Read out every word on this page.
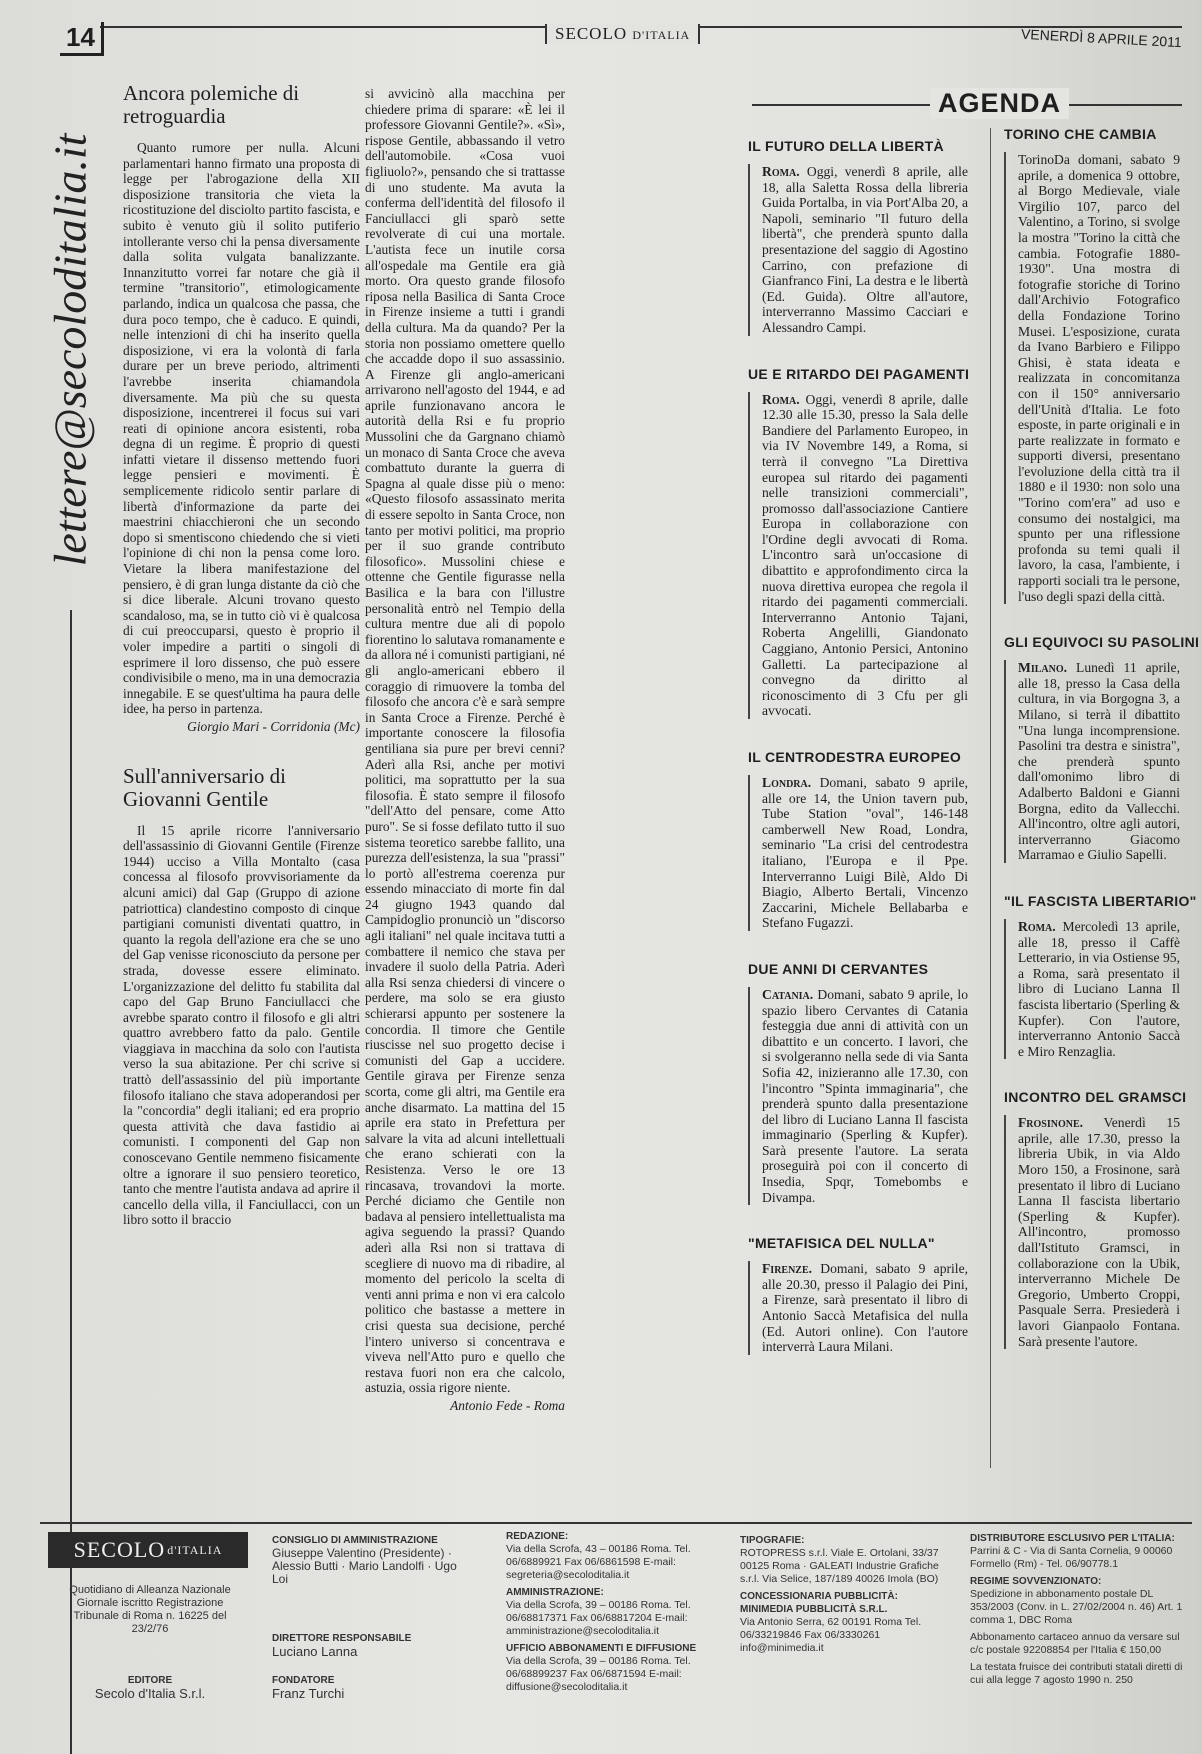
14	SECOLO D'ITALIA	VENERDÌ 8 APRILE 2011
lettere@secoloditalia.it
Ancora polemiche di retroguardia

Quanto rumore per nulla. Alcuni parlamentari hanno firmato una proposta di legge per l'abrogazione della XII disposizione transitoria che vieta la ricostituzione del disciolto partito fascista, e subito è venuto giù il solito putiferio intollerante verso chi la pensa diversamente dalla solita vulgata banalizzante. Innanzitutto vorrei far notare che già il termine "transitorio", etimologicamente parlando, indica un qualcosa che passa, che dura poco tempo, che è caduco. E quindi, nelle intenzioni di chi ha inserito quella disposizione, vi era la volontà di farla durare per un breve periodo, altrimenti l'avrebbe inserita chiamandola diversamente. Ma più che su questa disposizione, incentrerei il focus sui vari reati di opinione ancora esistenti, roba degna di un regime. È proprio di questi infatti vietare il dissenso mettendo fuori legge pensieri e movimenti. È semplicemente ridicolo sentir parlare di libertà d'informazione da parte dei maestrini chiacchieroni che un secondo dopo si smentiscono chiedendo che si vieti l'opinione di chi non la pensa come loro. Vietare la libera manifestazione del pensiero, è di gran lunga distante da ciò che si dice liberale. Alcuni trovano questo scandaloso, ma, se in tutto ciò vi è qualcosa di cui preoccuparsi, questo è proprio il voler impedire a partiti o singoli di esprimere il loro dissenso, che può essere condivisibile o meno, ma in una democrazia innegabile. E se quest'ultima ha paura delle idee, ha perso in partenza.

Giorgio Mari - Corridonia (Mc)
Sull'anniversario di Giovanni Gentile

Il 15 aprile ricorre l'anniversario dell'assassinio di Giovanni Gentile (Firenze 1944) ucciso a Villa Montalto (casa concessa al filosofo provvisoriamente da alcuni amici) dal Gap (Gruppo di azione patriottica) clandestino composto di cinque partigiani comunisti diventati quattro, in quanto la regola dell'azione era che se uno del Gap venisse riconosciuto da persone per strada, dovesse essere eliminato. L'organizzazione del delitto fu stabilita dal capo del Gap Bruno Fanciullacci che avrebbe sparato contro il filosofo e gli altri quattro avrebbero fatto da palo. Gentile viaggiava in macchina da solo con l'autista verso la sua abitazione. Per chi scrive si trattò dell'assassinio del più importante filosofo italiano che stava adoperandosi per la "concordia" degli italiani; ed era proprio questa attività che dava fastidio ai comunisti. I componenti del Gap non conoscevano Gentile nemmeno fisicamente oltre a ignorare il suo pensiero teoretico, tanto che mentre l'autista andava ad aprire il cancello della villa, il Fanciullacci, con un libro sotto il braccio

si avvicinò alla macchina per chiedere prima di sparare: «È lei il professore Giovanni Gentile?». «Sì», rispose Gentile, abbassando il vetro dell'automobile. «Cosa vuoi figliuolo?», pensando che si trattasse di uno studente. Ma avuta la conferma dell'identità del filosofo il Fanciullacci gli sparò sette revolverate di cui una mortale. L'autista fece un inutile corsa all'ospedale ma Gentile era già morto. Ora questo grande filosofo riposa nella Basilica di Santa Croce in Firenze insieme a tutti i grandi della cultura. Ma da quando? Per la storia non possiamo omettere quello che accadde dopo il suo assassinio. A Firenze gli anglo-americani arrivarono nell'agosto del 1944, e ad aprile funzionavano ancora le autorità della Rsi e fu proprio Mussolini che da Gargnano chiamò un monaco di Santa Croce che aveva combattuto durante la guerra di Spagna al quale disse più o meno: «Questo filosofo assassinato merita di essere sepolto in Santa Croce, non tanto per motivi politici, ma proprio per il suo grande contributo filosofico». Mussolini chiese e ottenne che Gentile figurasse nella Basilica e la bara con l'illustre personalità entrò nel Tempio della cultura mentre due ali di popolo fiorentino lo salutava romanamente e da allora né i comunisti partigiani, né gli anglo-americani ebbero il coraggio di rimuovere la tomba del filosofo che ancora c'è e sarà sempre in Santa Croce a Firenze. Perché è importante conoscere la filosofia gentiliana sia pure per brevi cenni? Aderì alla Rsi, anche per motivi politici, ma soprattutto per la sua filosofia. È stato sempre il filosofo "dell'Atto del pensare, come Atto puro". Se si fosse defilato tutto il suo sistema teoretico sarebbe fallito, una purezza dell'esistenza, la sua "prassi" lo portò all'estrema coerenza pur essendo minacciato di morte fin dal 24 giugno 1943 quando dal Campidoglio pronunciò un "discorso agli italiani" nel quale incitava tutti a combattere il nemico che stava per invadere il suolo della Patria. Aderì alla Rsi senza chiedersi di vincere o perdere, ma solo se era giusto schierarsi appunto per sostenere la concordia. Il timore che Gentile riuscisse nel suo progetto decise i comunisti del Gap a uccidere. Gentile girava per Firenze senza scorta, come gli altri, ma Gentile era anche disarmato. La mattina del 15 aprile era stato in Prefettura per salvare la vita ad alcuni intellettuali che erano schierati con la Resistenza. Verso le ore 13 rincasava, trovandovi la morte. Perché diciamo che Gentile non badava al pensiero intellettualista ma agiva seguendo la prassi? Quando aderì alla Rsi non si trattava di scegliere di nuovo ma di ribadire, al momento del pericolo la scelta di venti anni prima e non vi era calcolo politico che bastasse a mettere in crisi questa sua decisione, perché l'intero universo si concentrava e viveva nell'Atto puro e quello che restava fuori non era che calcolo, astuzia, ossia rigore niente.

Antonio Fede - Roma
AGENDA
IL FUTURO DELLA LIBERTÀ
Roma. Oggi, venerdì 8 aprile, alle 18, alla Saletta Rossa della libreria Guida Portalba, in via Port'Alba 20, a Napoli, seminario "Il futuro della libertà", che prenderà spunto dalla presentazione del saggio di Agostino Carrino, con prefazione di Gianfranco Fini, La destra e le libertà (Ed. Guida). Oltre all'autore, interverranno Massimo Cacciari e Alessandro Campi.
UE E RITARDO DEI PAGAMENTI
Roma. Oggi, venerdì 8 aprile, dalle 12.30 alle 15.30, presso la Sala delle Bandiere del Parlamento Europeo, in via IV Novembre 149, a Roma, si terrà il convegno "La Direttiva europea sul ritardo dei pagamenti nelle transizioni commerciali", promosso dall'associazione Cantiere Europa in collaborazione con l'Ordine degli avvocati di Roma. L'incontro sarà un'occasione di dibattito e approfondimento circa la nuova direttiva europea che regola il ritardo dei pagamenti commerciali. Interverranno Antonio Tajani, Roberta Angelilli, Giandonato Caggiano, Antonio Persici, Antonino Galletti. La partecipazione al convegno da diritto al riconoscimento di 3 Cfu per gli avvocati.
IL CENTRODESTRA EUROPEO
Londra. Domani, sabato 9 aprile, alle ore 14, the Union tavern pub, Tube Station "oval", 146-148 camberwell New Road, Londra, seminario "La crisi del centrodestra italiano, l'Europa e il Ppe. Interverranno Luigi Bilè, Aldo Di Biagio, Alberto Bertali, Vincenzo Zaccarini, Michele Bellabarba e Stefano Fugazzi.
DUE ANNI DI CERVANTES
Catania. Domani, sabato 9 aprile, lo spazio libero Cervantes di Catania festeggia due anni di attività con un dibattito e un concerto. I lavori, che si svolgeranno nella sede di via Santa Sofia 42, inizieranno alle 17.30, con l'incontro "Spinta immaginaria", che prenderà spunto dalla presentazione del libro di Luciano Lanna Il fascista immaginario (Sperling & Kupfer). Sarà presente l'autore. La serata proseguirà poi con il concerto di Insedia, Spqr, Tomebombs e Divampa.
"METAFISICA DEL NULLA"
Firenze. Domani, sabato 9 aprile, alle 20.30, presso il Palagio dei Pini, a Firenze, sarà presentato il libro di Antonio Saccà Metafisica del nulla (Ed. Autori online). Con l'autore interverrà Laura Milani.
TORINO CHE CAMBIA
TorinoDa domani, sabato 9 aprile, a domenica 9 ottobre, al Borgo Medievale, viale Virgilio 107, parco del Valentino, a Torino, si svolge la mostra "Torino la città che cambia. Fotografie 1880-1930". Una mostra di fotografie storiche di Torino dall'Archivio Fotografico della Fondazione Torino Musei. L'esposizione, curata da Ivano Barbiero e Filippo Ghisi, è stata ideata e realizzata in concomitanza con il 150° anniversario dell'Unità d'Italia. Le foto esposte, in parte originali e in parte realizzate in formato e supporti diversi, presentano l'evoluzione della città tra il 1880 e il 1930: non solo una "Torino com'era" ad uso e consumo dei nostalgici, ma spunto per una riflessione profonda su temi quali il lavoro, la casa, l'ambiente, i rapporti sociali tra le persone, l'uso degli spazi della città.
GLI EQUIVOCI SU PASOLINI
Milano. Lunedì 11 aprile, alle 18, presso la Casa della cultura, in via Borgogna 3, a Milano, si terrà il dibattito "Una lunga incomprensione. Pasolini tra destra e sinistra", che prenderà spunto dall'omonimo libro di Adalberto Baldoni e Gianni Borgna, edito da Vallecchi. All'incontro, oltre agli autori, interverranno Giacomo Marramao e Giulio Sapelli.
"IL FASCISTA LIBERTARIO"
Roma. Mercoledì 13 aprile, alle 18, presso il Caffè Letterario, in via Ostiense 95, a Roma, sarà presentato il libro di Luciano Lanna Il fascista libertario (Sperling & Kupfer). Con l'autore, interverranno Antonio Saccà e Miro Renzaglia.
INCONTRO DEL GRAMSCI
Frosinone. Venerdì 15 aprile, alle 17.30, presso la libreria Ubik, in via Aldo Moro 150, a Frosinone, sarà presentato il libro di Luciano Lanna Il fascista libertario (Sperling & Kupfer). All'incontro, promosso dall'Istituto Gramsci, in collaborazione con la Ubik, interverranno Michele De Gregorio, Umberto Croppi, Pasquale Serra. Presiederà i lavori Gianpaolo Fontana. Sarà presente l'autore.
SECOLO d'ITALIA
Quotidiano di Alleanza Nazionale Giornale iscritto Registrazione Tribunale di Roma n. 16225 del 23/2/76
EDITORE
Secolo d'Italia S.r.l.
CONSIGLIO DI AMMINISTRAZIONE
Giuseppe Valentino (Presidente) · Alessio Butti · Mario Landolfi · Ugo Loi
DIRETTORE RESPONSABILE
Luciano Lanna
FONDATORE
Franz Turchi
REDAZIONE:
Via della Scrofa, 43 – 00186 Roma. Tel. 06/6889921 Fax 06/6861598 E-mail: segreteria@secoloditalia.it
AMMINISTRAZIONE:
Via della Scrofa, 39 – 00186 Roma. Tel. 06/68817371 Fax 06/68817204 E-mail: amministrazione@secoloditalia.it
UFFICIO ABBONAMENTI E DIFFUSIONE
Via della Scrofa, 39 – 00186 Roma. Tel. 06/68899237 Fax 06/6871594 E-mail: diffusione@secoloditalia.it
TIPOGRAFIE:
ROTOPRESS s.r.l. Viale E. Ortolani, 33/37 00125 Roma · GALEATI Industrie Grafiche s.r.l. Via Selice, 187/189 40026 Imola (BO)
CONCESSIONARIA PUBBLICITÀ: MINIMEDIA PUBBLICITÀ S.R.L.
Via Antonio Serra, 62 00191 Roma Tel. 06/33219846 Fax 06/3330261 info@minimedia.it
DISTRIBUTORE ESCLUSIVO PER L'ITALIA:
Parrini & C - Via di Santa Cornelia, 9 00060 Formello (Rm) - Tel. 06/90778.1
REGIME SOVVENZIONATO:
Spedizione in abbonamento postale DL 353/2003 (Conv. in L. 27/02/2004 n. 46) Art. 1 comma 1, DBC Roma
Abbonamento cartaceo annuo da versare sul c/c postale 92208854 per l'Italia € 150,00
La testata fruisce dei contributi statali diretti di cui alla legge 7 agosto 1990 n. 250
